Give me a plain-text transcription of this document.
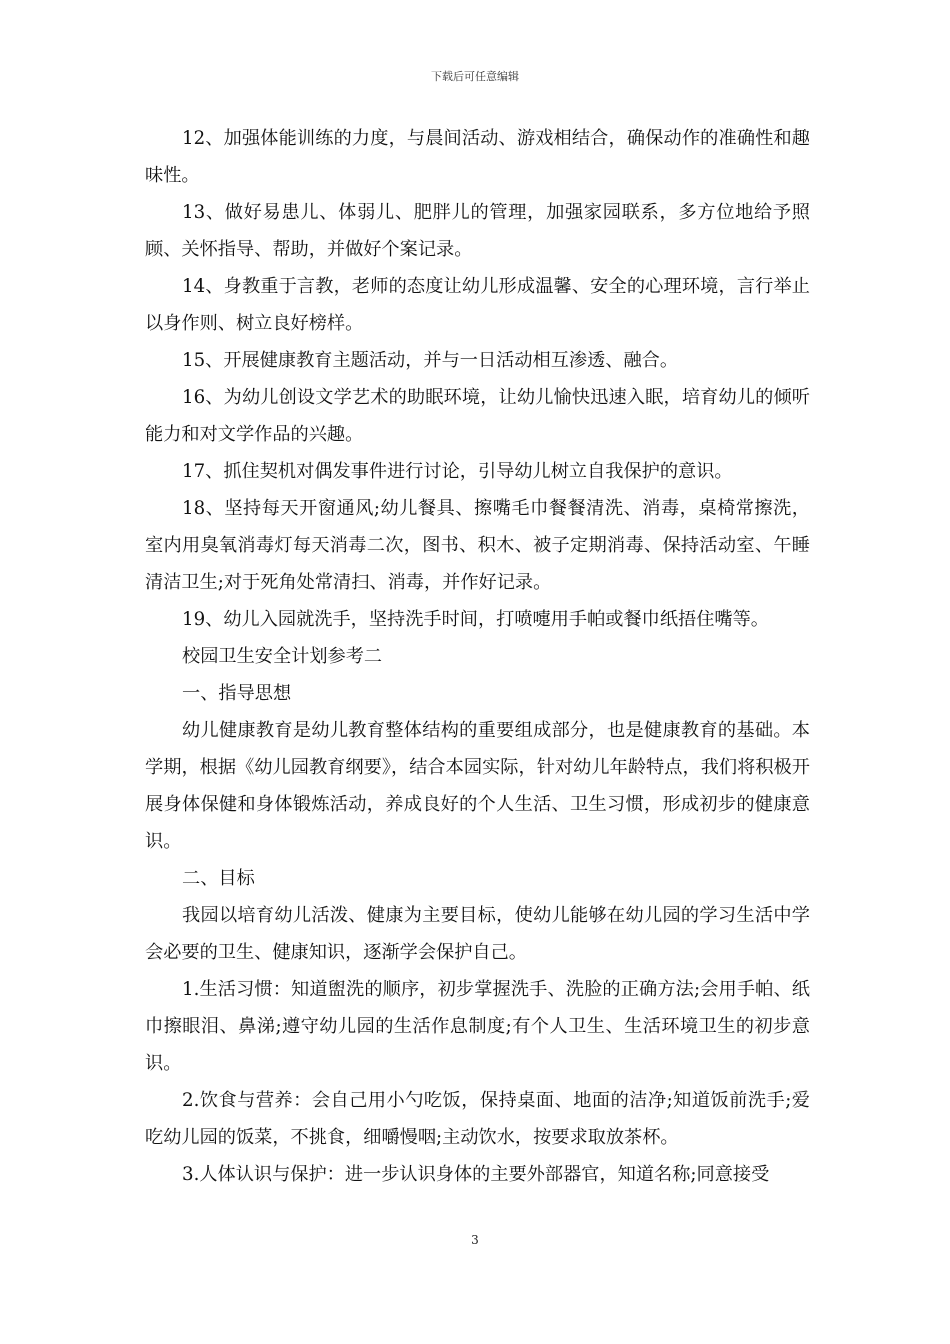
下载后可任意编辑

12、加强体能训练的力度，与晨间活动、游戏相结合，确保动作的准确性和趣味性。

13、做好易患儿、体弱儿、肥胖儿的管理，加强家园联系，多方位地给予照顾、关怀指导、帮助，并做好个案记录。

14、身教重于言教，老师的态度让幼儿形成温馨、安全的心理环境，言行举止以身作则、树立良好榜样。

15、开展健康教育主题活动，并与一日活动相互渗透、融合。

16、为幼儿创设文学艺术的助眠环境，让幼儿愉快迅速入眠，培育幼儿的倾听能力和对文学作品的兴趣。

17、抓住契机对偶发事件进行讨论，引导幼儿树立自我保护的意识。

18、坚持每天开窗通风;幼儿餐具、擦嘴毛巾餐餐清洗、消毒，桌椅常擦洗，室内用臭氧消毒灯每天消毒二次，图书、积木、被子定期消毒、保持活动室、午睡清洁卫生;对于死角处常清扫、消毒，并作好记录。

19、幼儿入园就洗手，坚持洗手时间，打喷嚏用手帕或餐巾纸捂住嘴等。

校园卫生安全计划参考二

一、指导思想

幼儿健康教育是幼儿教育整体结构的重要组成部分，也是健康教育的基础。本学期，根据《幼儿园教育纲要》，结合本园实际，针对幼儿年龄特点，我们将积极开展身体保健和身体锻炼活动，养成良好的个人生活、卫生习惯，形成初步的健康意识。

二、目标

我园以培育幼儿活泼、健康为主要目标，使幼儿能够在幼儿园的学习生活中学会必要的卫生、健康知识，逐渐学会保护自己。

1.生活习惯：知道盥洗的顺序，初步掌握洗手、洗脸的正确方法;会用手帕、纸巾擦眼泪、鼻涕;遵守幼儿园的生活作息制度;有个人卫生、生活环境卫生的初步意识。

2.饮食与营养：会自己用小勺吃饭，保持桌面、地面的洁净;知道饭前洗手;爱吃幼儿园的饭菜，不挑食，细嚼慢咽;主动饮水，按要求取放茶杯。

3.人体认识与保护：进一步认识身体的主要外部器官，知道名称;同意接受

3
